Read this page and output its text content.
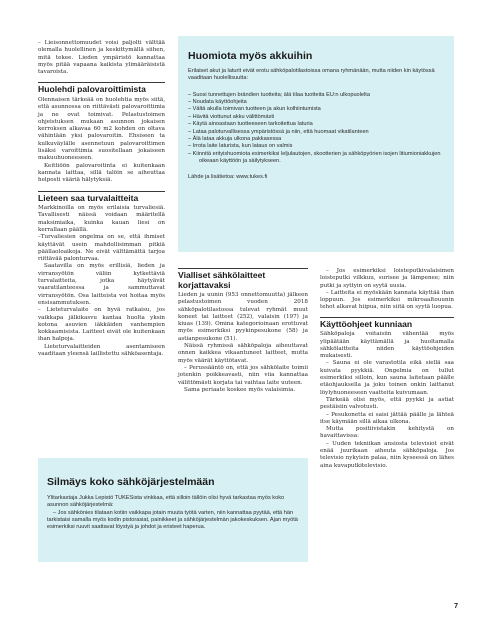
– Lieisonnettomuudet voisi paljolti välttää olemalla huolellinen ja keskittymällä siihen, mitä tekee. Lieden ympäristö kannattaa myös pitää vapaana kaikista ylimääräisistä tavaroista.

Huolehdi palovaroittimista

Olennaisen tärkeää on huolehtia myös siitä, että asunnossa on riittävästi palovaroittimia ja ne ovat toimivat. Pelastustoimen ohjeistuksen mukaan asunnon jokaisen kerroksen alkavaa 60 m2 kohden on oltava vähintään yksi palovaroitin. Ehsiseen ta kulkuväylälle asennetuun palovaroittimen lisäksi varoittimia suositellaan jokaiseen makuuhuoneeseen.

Keittiöön palovaroitinta ei kuitenkaan kannata laittaa, sillä talöin se aiheuttaa helposti vääriä hälytyksiä.

Lieteen saa turvalaitteita

Markkinoilla on myös erilaisia turvaliesiä. Tavallisesti näissä voidaan määritellä maksimiaika, kuinka kauan liesi on kerrallaan päällä.

–Turvaliesien ongelma on se, että ihmiset käyttävät usein mahdollisimman pitkiä päällaoloaikoja. Ne eivät välttämättä tarjoa riittävää palonturvaa.

Saatavilla on myös erillisiä, lieden ja virransyötön väliin kytkettäviä turvalaitteita, jotka häytyävät vaaratilanteessa ja sammuttavat virransyötön. Osa laitteista voi hoitaa myös ensisammutuksen.

– Lieteturvalaite on hyvä ratkaisu, jos vaikkapa jälkikasvu kantaa huolta yksin kotona asuvien iäkkäiden vanhempien kokkaamisista. Laitteet eivät ole kuitenkaan ihan halpoja.

Lieteturvalaitteiden asentamiseen vaaditaan yleensä laillistettu sähköasentaja.

Huomiota myös akkuihin

Erilaiset akut ja laturit eivät erotu sähköpalotilastoissa omana ryhmänään, mutta niiden kin käytössä vaaditaan huolellisuutta:

– Suosi tunnettujen brändien tuotteita; älä tilaa tuotteita EU:n ulkopuolelta

– Noudata käyttöohjeita

– Vältä akulla toimivan tuotteen ja akun kolhiintumista

– Hävitä viottunut akku välittömästi

– Käytä ainoastaan tuotteeseen tarkoitettua laturia

– Lataa paloturvallisessa ympäristössä ja niin, että huomaat vikatilanteen

– Älä lataa akkuja ulkona pakkasessa

– Irrota laite laturista, kun lataus on valmis

– Kiinnitä erityishuomiota esimerkiksi leljulautojen, skootterien ja sähköpyörien isojen litiumioniakkujen oikeaan käyttöön ja säilytykseen.

Lähde ja lisätietoa: www.tukes.fi

Vialliset sähkölaitteet korjattavaksi

Lieden ja uunin (953 onnettomuutta) jälkeen pelastustoimen vuoden 2018 sähköpalotilastossa tulevat ryhmät muut koneet tai laitteet (252), valaisin (197) ja kiuas (139). Omina kategorioinaan erottuvat myös esimerkiksi pyykinpesukone (58) ja astianpesukone (51).

Näissä ryhmissä sähköpaloja aiheuttavat onnen kaikkea vikaantuneet laitteet, mutta myös väärät käyttötavat.

– Perussääntö on, että jos sähkölaite toimii jotenkin poikkeavasti, niin viia kannattaa välittömästi korjata tai vaihtaa laite uuteen.

Sama periaate koskee myös valaisimia.

– Jos esimerkiksi loisteputkivalaisimen loisteputki vilkkuu, surisee ja lämpenee; niin putki ja syttyin on syytä uusia.

– Laitteita ei myöskään kannata käyttää ihan loppuun. Jos esimerkiksi mikroaaltouunin tehot alkavat hiipua, niin siitä on syytä luopua.

Käyttöohjeet kunniaan

Sähköpaloja voitaisiin vähentää myös ylipäätään käyttämällä ja huoltamalla sähkölaitteita niiden käyttöohjeiden mukaisesti.

– Sauna ei ole varastotila eikä siellä saa kuivata pyykkiä. Ongelmia on tullut esimerkiksi silloin, kun sauna laitetaan päälle etäohjauksella ja joku toinen onkin laittanut löylyhuoneeseen vaatteita kuivumaan.

Tärkeää olisi myös, että pyykki ja astiat pestäisiin valvotusti.

– Pesukonetta ei saisi jättää päälle ja lähteä itse käymään sillä aikaa ulkona.

Mutta positiivistakin kehitystä on havaittavissa:

– Uuden tekniikan ansiosta televisiot eivät enää juurikaan aiheuta sähköpaloja. Jos televisio nykyisin palaa, niin kyseessä on lähes aina kuvaputkitelevisio.

Silmäys koko sähköjärjestelmään

Ylitarkastaja Jukka Lepistö TUKESista vinkkaa, että silloin tällöin olisi hyvä tarkastaa myös koko asunnon sähköjärjestelmä:

– Jos sähkönies tilataan kotiin vaikkapa jotain muuta työtä varten, niin kannattaa pyytää, että hän tarkistaisi samalla myös kodin pistorasiat, painikkeet ja sähköjärjestelmän jakokeskuksen. Ajan myötä esimerkiksi ruuvit saattavat löystyä ja johdot ja eristeet haperua.

7
